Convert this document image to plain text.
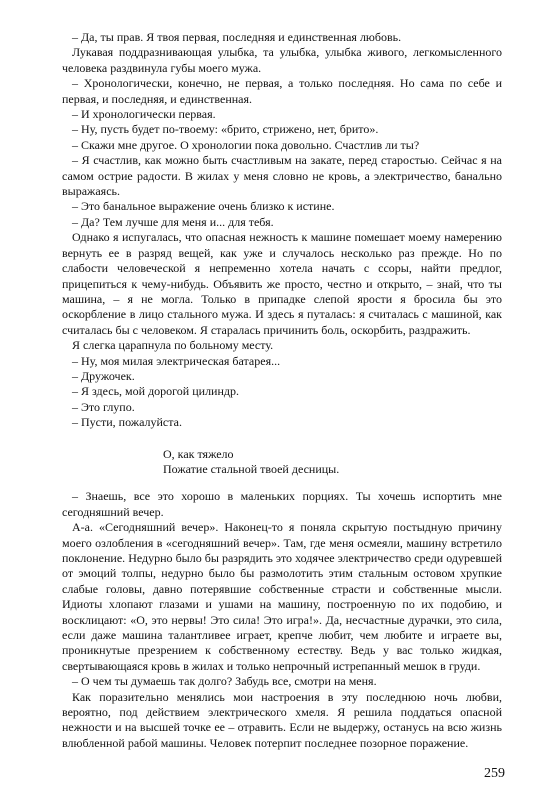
– Да, ты прав. Я твоя первая, последняя и единственная любовь.

Лукавая поддразнивающая улыбка, та улыбка, улыбка живого, легкомысленного человека раздвинула губы моего мужа.

– Хронологически, конечно, не первая, а только последняя. Но сама по себе и первая, и последняя, и единственная.

– И хронологически первая.

– Ну, пусть будет по-твоему: «брито, стрижено, нет, брито».

– Скажи мне другое. О хронологии пока довольно. Счастлив ли ты?

– Я счастлив, как можно быть счастливым на закате, перед старостью. Сейчас я на самом острие радости. В жилах у меня словно не кровь, а электричество, банально выражаясь.

– Это банальное выражение очень близко к истине.

– Да? Тем лучше для меня и... для тебя.

Однако я испугалась, что опасная нежность к машине помешает моему намерению вернуть ее в разряд вещей, как уже и случалось несколько раз прежде. Но по слабости человеческой я непременно хотела начать с ссоры, найти предлог, прицепиться к чему-нибудь. Объявить же просто, честно и открыто, – знай, что ты машина, – я не могла. Только в припадке слепой ярости я бросила бы это оскорбление в лицо стального мужа. И здесь я путалась: я считалась с машиной, как считалась бы с человеком. Я старалась причинить боль, оскорбить, раздражить.

Я слегка царапнула по больному месту.

– Ну, моя милая электрическая батарея...

– Дружочек.

– Я здесь, мой дорогой цилиндр.

– Это глупо.

– Пусти, пожалуйста.

О, как тяжело
Пожатие стальной твоей десницы.

– Знаешь, все это хорошо в маленьких порциях. Ты хочешь испортить мне сегодняшний вечер.

А-а. «Сегодняшний вечер». Наконец-то я поняла скрытую постыдную причину моего озлобления в «сегодняшний вечер». Там, где меня осмеяли, машину встретило поклонение. Недурно было бы разрядить это ходячее электричество среди одуревшей от эмоций толпы, недурно было бы размолотить этим стальным остовом хрупкие слабые головы, давно потерявшие собственные страсти и собственные мысли. Идиоты хлопают глазами и ушами на машину, построенную по их подобию, и восклицают: «О, это нервы! Это сила! Это игра!». Да, несчастные дурачки, это сила, если даже машина талантливее играет, крепче любит, чем любите и играете вы, проникнутые презрением к собственному естеству. Ведь у вас только жидкая, свертывающаяся кровь в жилах и только непрочный истрепанный мешок в груди.

– О чем ты думаешь так долго? Забудь все, смотри на меня.

Как поразительно менялись мои настроения в эту последнюю ночь любви, вероятно, под действием электрического хмеля. Я решила поддаться опасной нежности и на высшей точке ее – отравить. Если не выдержу, останусь на всю жизнь влюбленной рабой машины. Человек потерпит последнее позорное поражение.

259
